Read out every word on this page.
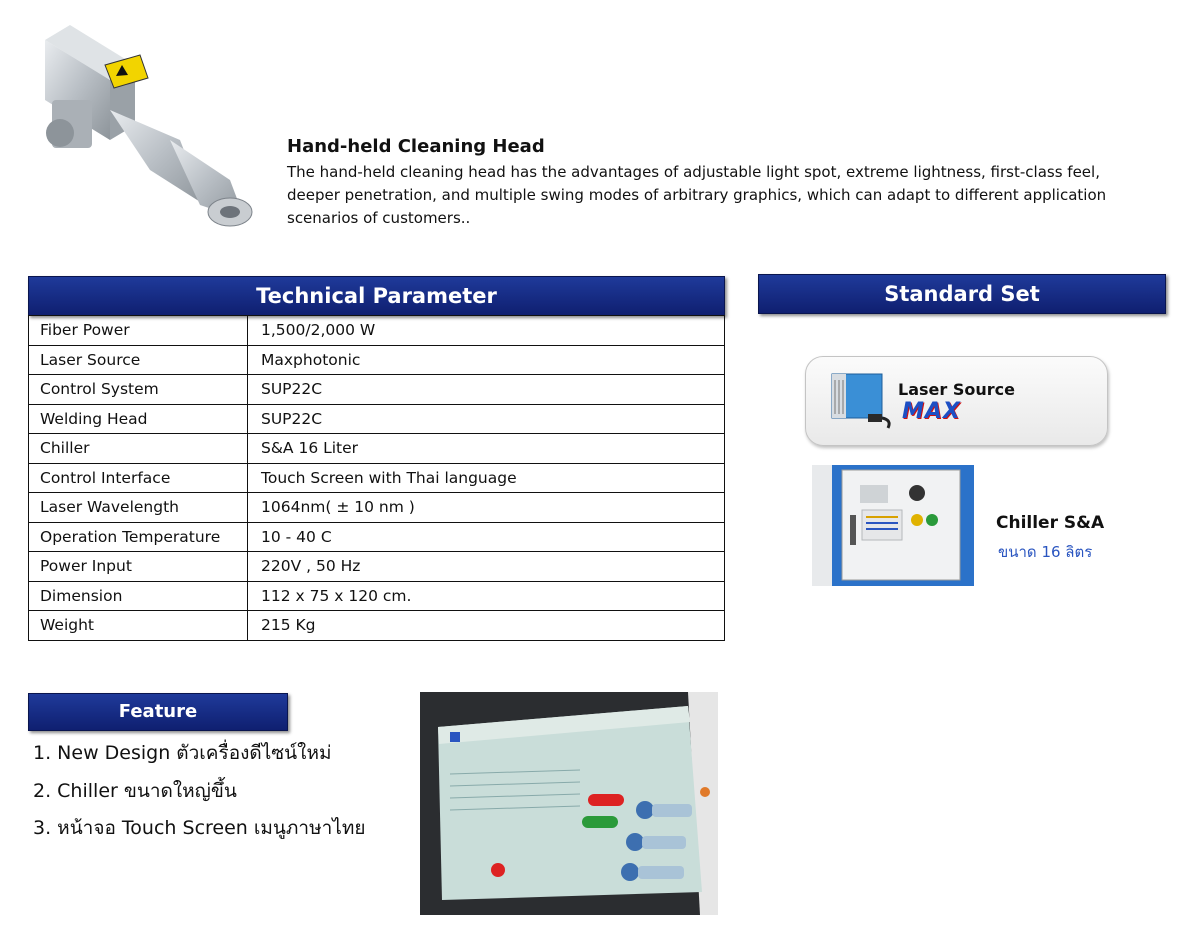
Hand-held Cleaning Head

The hand-held cleaning head has the advantages of adjustable light spot, extreme lightness, first-class feel, deeper penetration, and multiple swing modes of arbitrary graphics, which can adapt to different application scenarios of customers..

Technical Parameter
Fiber Power	1,500/2,000 W
Laser Source	Maxphotonic
Control System	SUP22C
Welding Head	SUP22C
Chiller	S&A 16 Liter
Control Interface	Touch Screen with Thai language
Laser Wavelength	1064nm( ± 10 nm )
Operation Temperature	10 - 40 C
Power Input	220V , 50 Hz
Dimension	112 x 75 x 120 cm.
Weight	215 Kg
Standard Set
Laser Source
MAX
Chiller S&A
ขนาด 16 ลิตร
Feature
1. New Design ตัวเครื่องดีไซน์ใหม่
2. Chiller ขนาดใหญ่ขึ้น
3. หน้าจอ Touch Screen เมนูภาษาไทย
